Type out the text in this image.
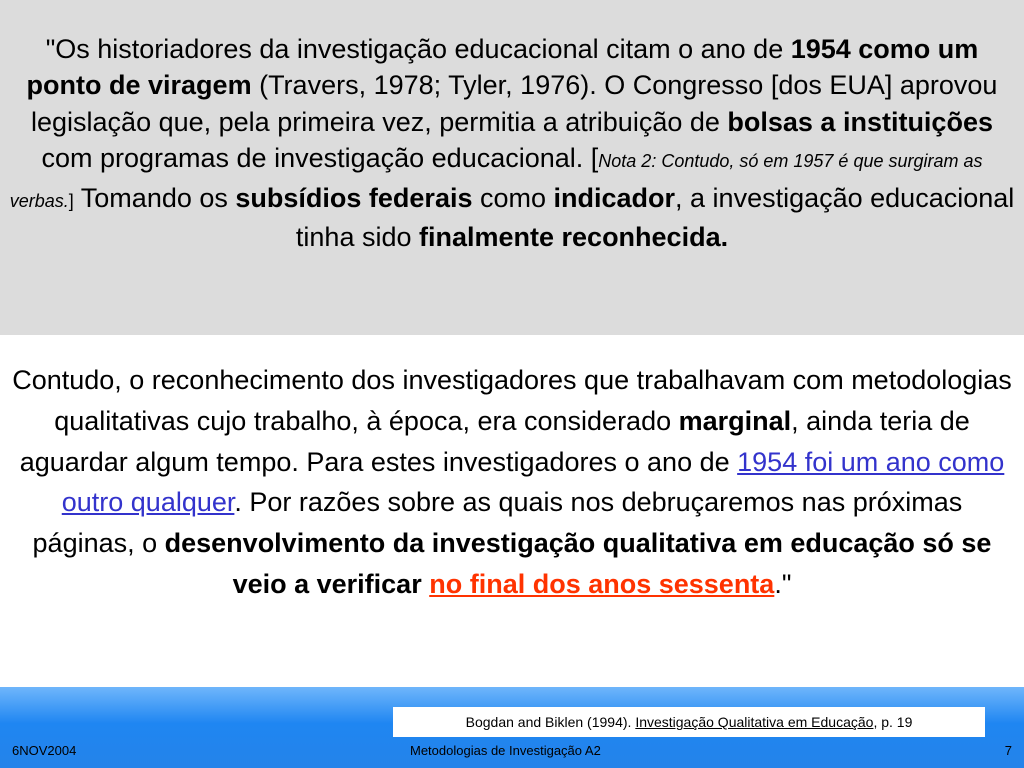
"Os historiadores da investigação educacional citam o ano de 1954 como um ponto de viragem (Travers, 1978; Tyler, 1976). O Congresso [dos EUA] aprovou legislação que, pela primeira vez, permitia a atribuição de bolsas a instituições com programas de investigação educacional. [Nota 2: Contudo, só em 1957 é que surgiram as verbas.] Tomando os subsídios federais como indicador, a investigação educacional tinha sido finalmente reconhecida.
Contudo, o reconhecimento dos investigadores que trabalhavam com metodologias qualitativas cujo trabalho, à época, era considerado marginal, ainda teria de aguardar algum tempo. Para estes investigadores o ano de 1954 foi um ano como outro qualquer. Por razões sobre as quais nos debruçaremos nas próximas páginas, o desenvolvimento da investigação qualitativa em educação só se veio a verificar no final dos anos sessenta."
Bogdan and Biklen (1994). Investigação Qualitativa em Educação, p. 19
6NOV2004	Metodologias de Investigação A2	7
